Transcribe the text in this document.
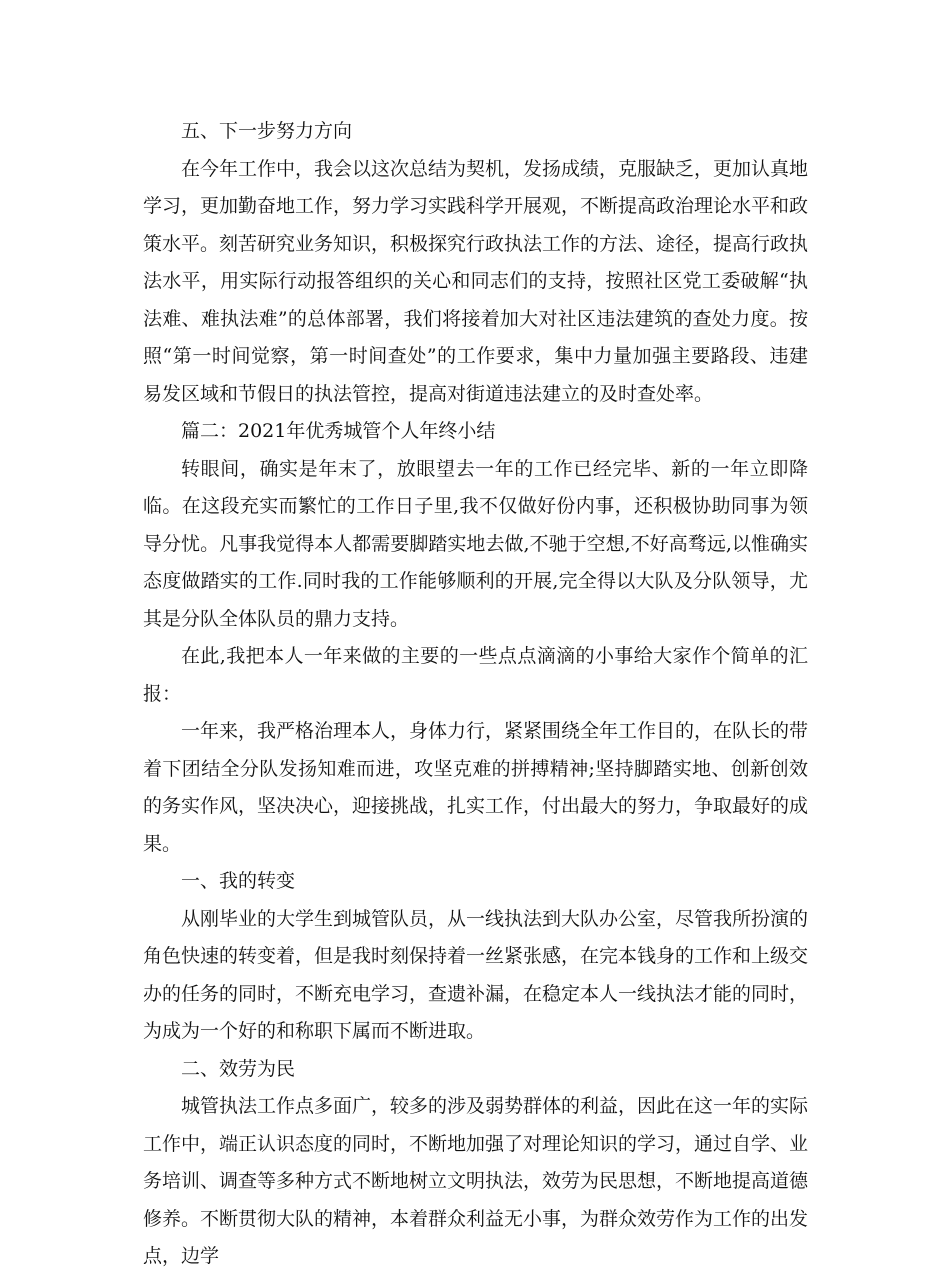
五、下一步努力方向

在今年工作中，我会以这次总结为契机，发扬成绩，克服缺乏，更加认真地学习，更加勤奋地工作，努力学习实践科学开展观，不断提高政治理论水平和政策水平。刻苦研究业务知识，积极探究行政执法工作的方法、途径，提高行政执法水平，用实际行动报答组织的关心和同志们的支持，按照社区党工委破解“执法难、难执法难”的总体部署，我们将接着加大对社区违法建筑的查处力度。按照“第一时间觉察，第一时间查处”的工作要求，集中力量加强主要路段、违建易发区域和节假日的执法管控，提高对街道违法建立的及时查处率。

篇二：2021年优秀城管个人年终小结

转眼间，确实是年末了，放眼望去一年的工作已经完毕、新的一年立即降临。在这段充实而繁忙的工作日子里,我不仅做好份内事，还积极协助同事为领导分忧。凡事我觉得本人都需要脚踏实地去做,不驰于空想,不好高骛远,以惟确实态度做踏实的工作.同时我的工作能够顺利的开展,完全得以大队及分队领导，尤其是分队全体队员的鼎力支持。

在此,我把本人一年来做的主要的一些点点滴滴的小事给大家作个简单的汇报：

一年来，我严格治理本人，身体力行，紧紧围绕全年工作目的，在队长的带着下团结全分队发扬知难而进，攻坚克难的拼搏精神;坚持脚踏实地、创新创效的务实作风，坚决决心，迎接挑战，扎实工作，付出最大的努力，争取最好的成果。

一、我的转变

从刚毕业的大学生到城管队员，从一线执法到大队办公室，尽管我所扮演的角色快速的转变着，但是我时刻保持着一丝紧张感，在完本钱身的工作和上级交办的任务的同时，不断充电学习，查遗补漏，在稳定本人一线执法才能的同时，为成为一个好的和称职下属而不断进取。

二、效劳为民

城管执法工作点多面广，较多的涉及弱势群体的利益，因此在这一年的实际工作中，端正认识态度的同时，不断地加强了对理论知识的学习，通过自学、业务培训、调查等多种方式不断地树立文明执法，效劳为民思想，不断地提高道德修养。不断贯彻大队的精神，本着群众利益无小事，为群众效劳作为工作的出发点，边学
